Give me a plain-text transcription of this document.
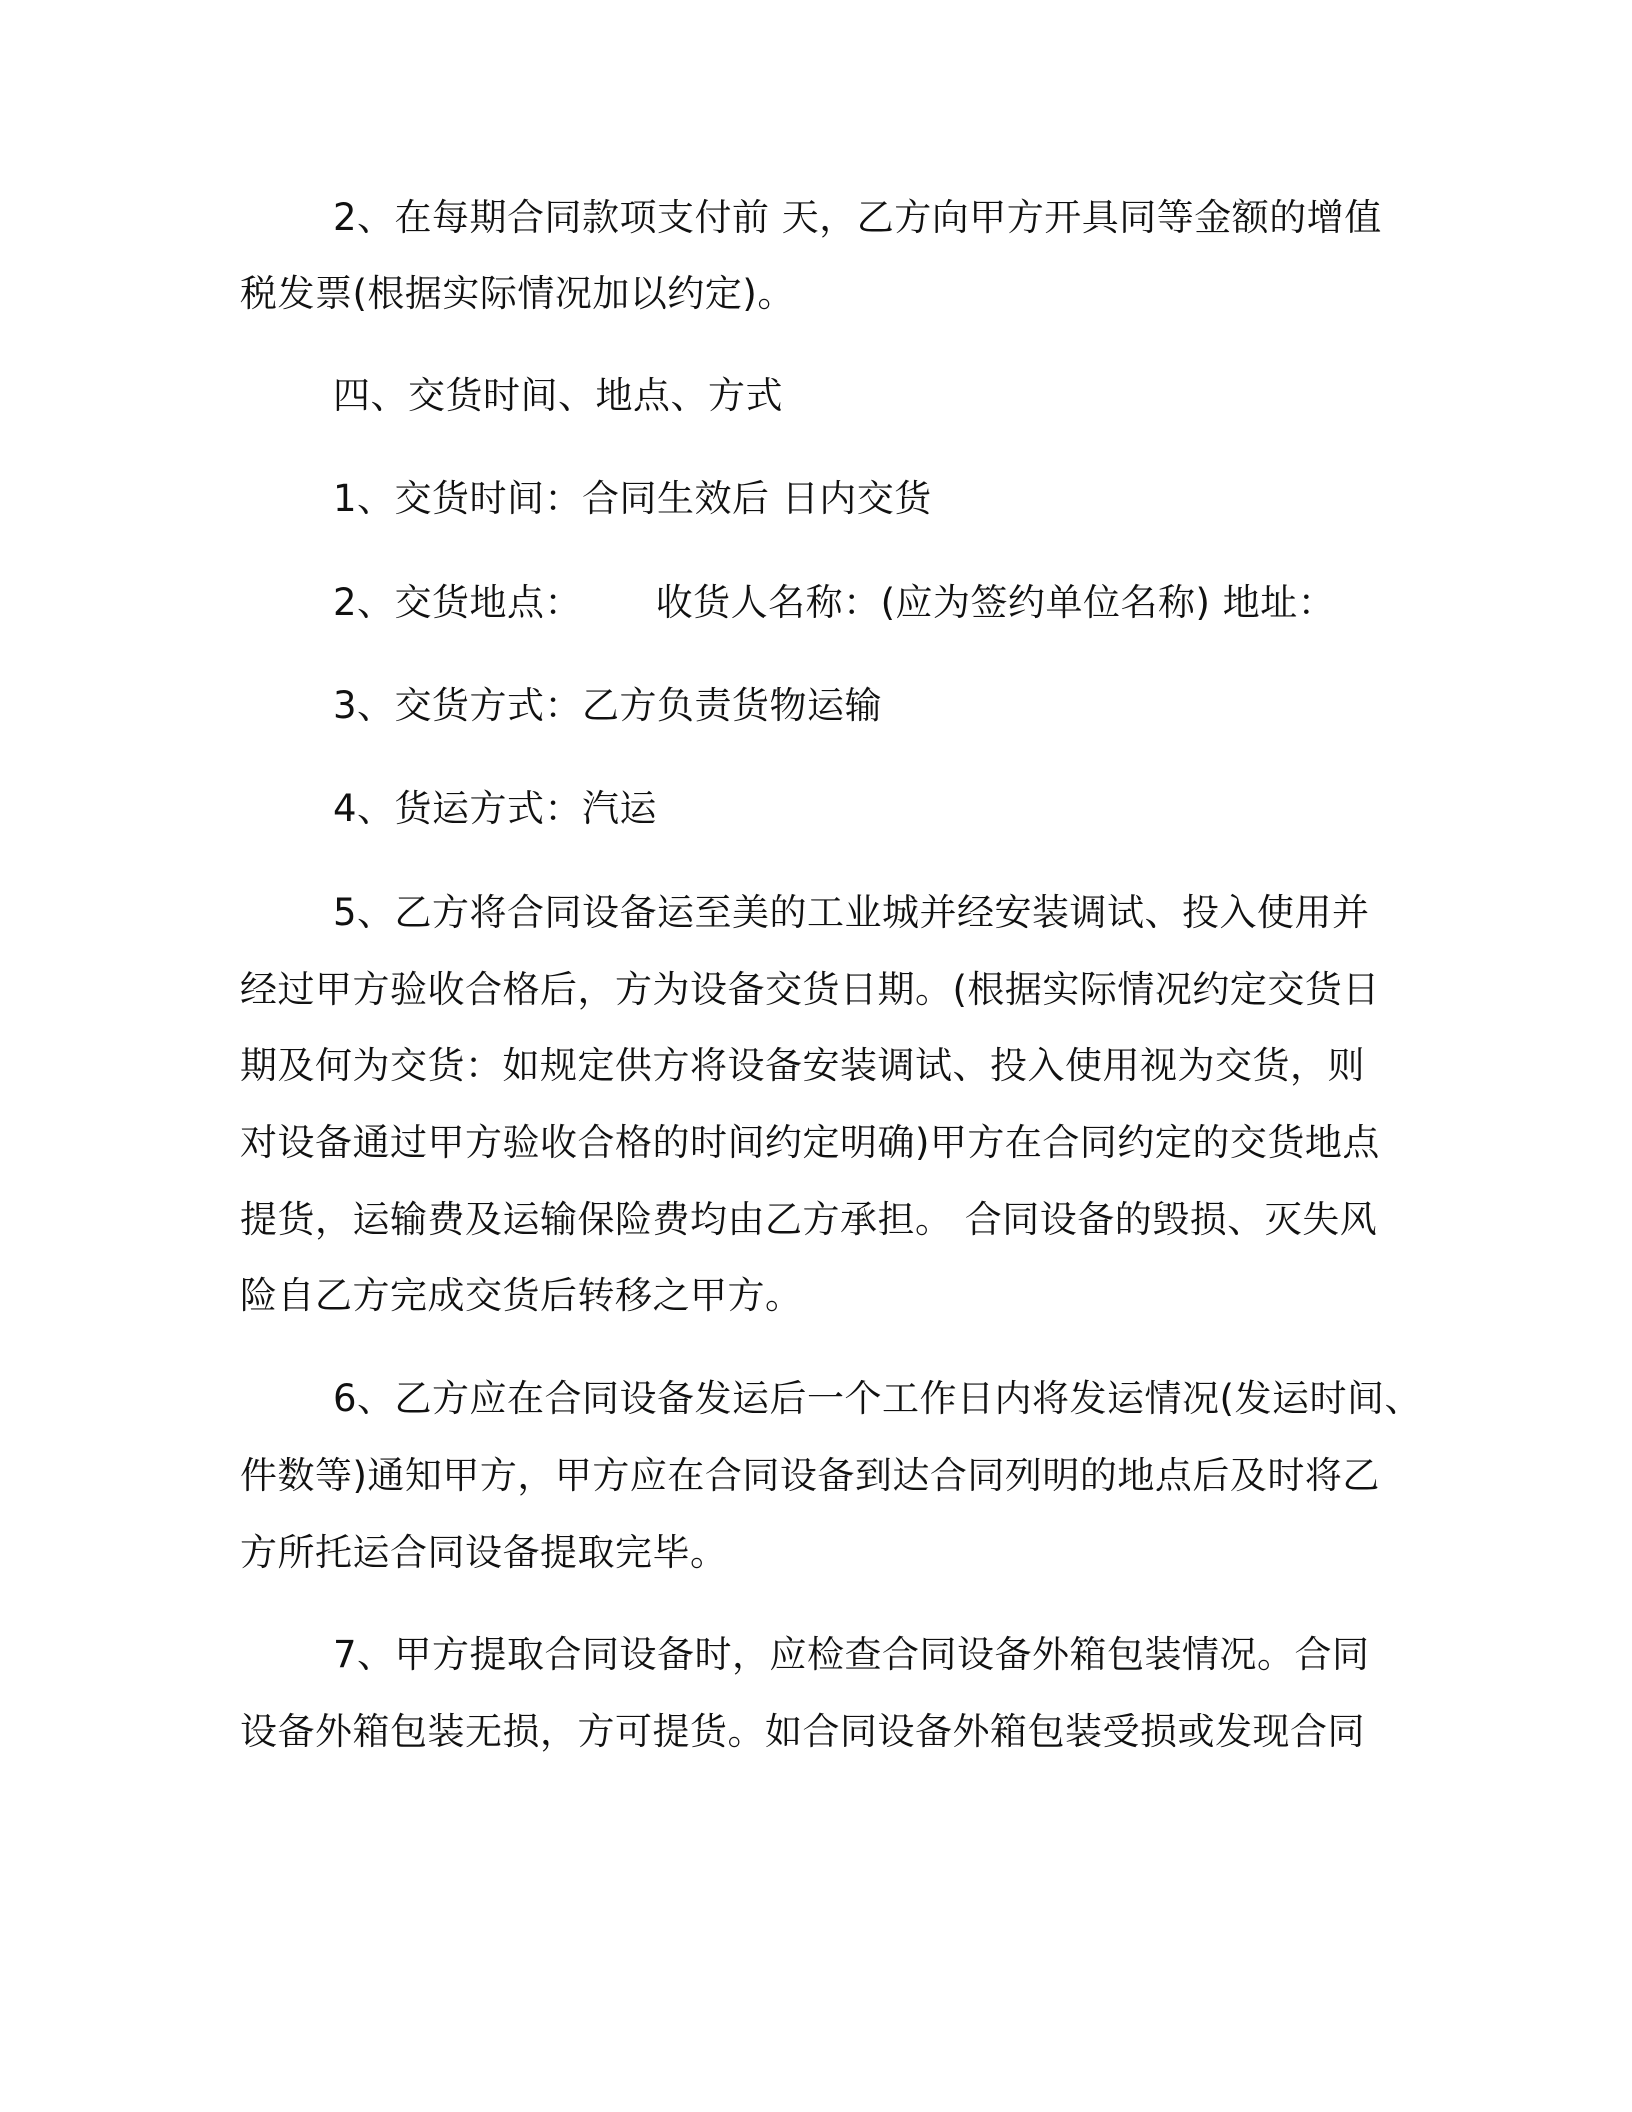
2、在每期合同款项支付前 天，乙方向甲方开具同等金额的增值
税发票(根据实际情况加以约定)。
四、交货时间、地点、方式
1、交货时间：合同生效后 日内交货
2、交货地点：      收货人名称：(应为签约单位名称) 地址：
3、交货方式：乙方负责货物运输
4、货运方式：汽运
5、乙方将合同设备运至美的工业城并经安装调试、投入使用并
经过甲方验收合格后，方为设备交货日期。(根据实际情况约定交货日
期及何为交货：如规定供方将设备安装调试、投入使用视为交货，则
对设备通过甲方验收合格的时间约定明确)甲方在合同约定的交货地点
提货，运输费及运输保险费均由乙方承担。 合同设备的毁损、灭失风
险自乙方完成交货后转移之甲方。
6、乙方应在合同设备发运后一个工作日内将发运情况(发运时间、
件数等)通知甲方，甲方应在合同设备到达合同列明的地点后及时将乙
方所托运合同设备提取完毕。
7、甲方提取合同设备时，应检查合同设备外箱包装情况。合同
设备外箱包装无损，方可提货。如合同设备外箱包装受损或发现合同
